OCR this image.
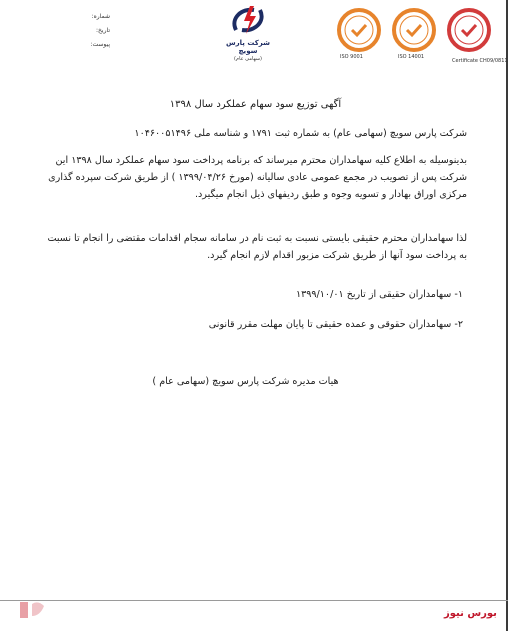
ISO 9001	ISO 14001
Certificate CH09/0811
شرکت پارس سویچ
(سهامی عام)
شماره:
تاریخ:
پیوست:
آگهی توزیع سود سهام عملکرد سال ۱۳۹۸
شرکت پارس سویچ (سهامی عام) به شماره ثبت ۱۷۹۱ و شناسه ملی ۱۰۴۶۰۰۵۱۴۹۶
بدینوسیله به اطلاع کلیه سهامداران محترم میرساند که برنامه پرداخت سود سهام عملکرد سال ۱۳۹۸ این شرکت پس از تصویب در مجمع عمومی عادی سالیانه (مورخ ۱۳۹۹/۰۴/۲۶ ) از طریق شرکت سپرده گذاری مرکزی اوراق بهادار و تسویه وجوه و طبق ردیفهای ذیل انجام میگیرد.
لذا سهامداران محترم حقیقی بایستی نسبت به ثبت نام در سامانه سجام اقدامات مقتضی را انجام تا نسبت به پرداخت سود آنها از طریق شرکت مزبور اقدام لازم انجام گیرد.
۱- سهامداران حقیقی از تاریخ ۱۳۹۹/۱۰/۰۱
۲- سهامداران حقوقی و عمده حقیقی تا پایان مهلت مقرر قانونی
هیات مدیره شرکت پارس سویچ (سهامی عام )
بورس نیوز
